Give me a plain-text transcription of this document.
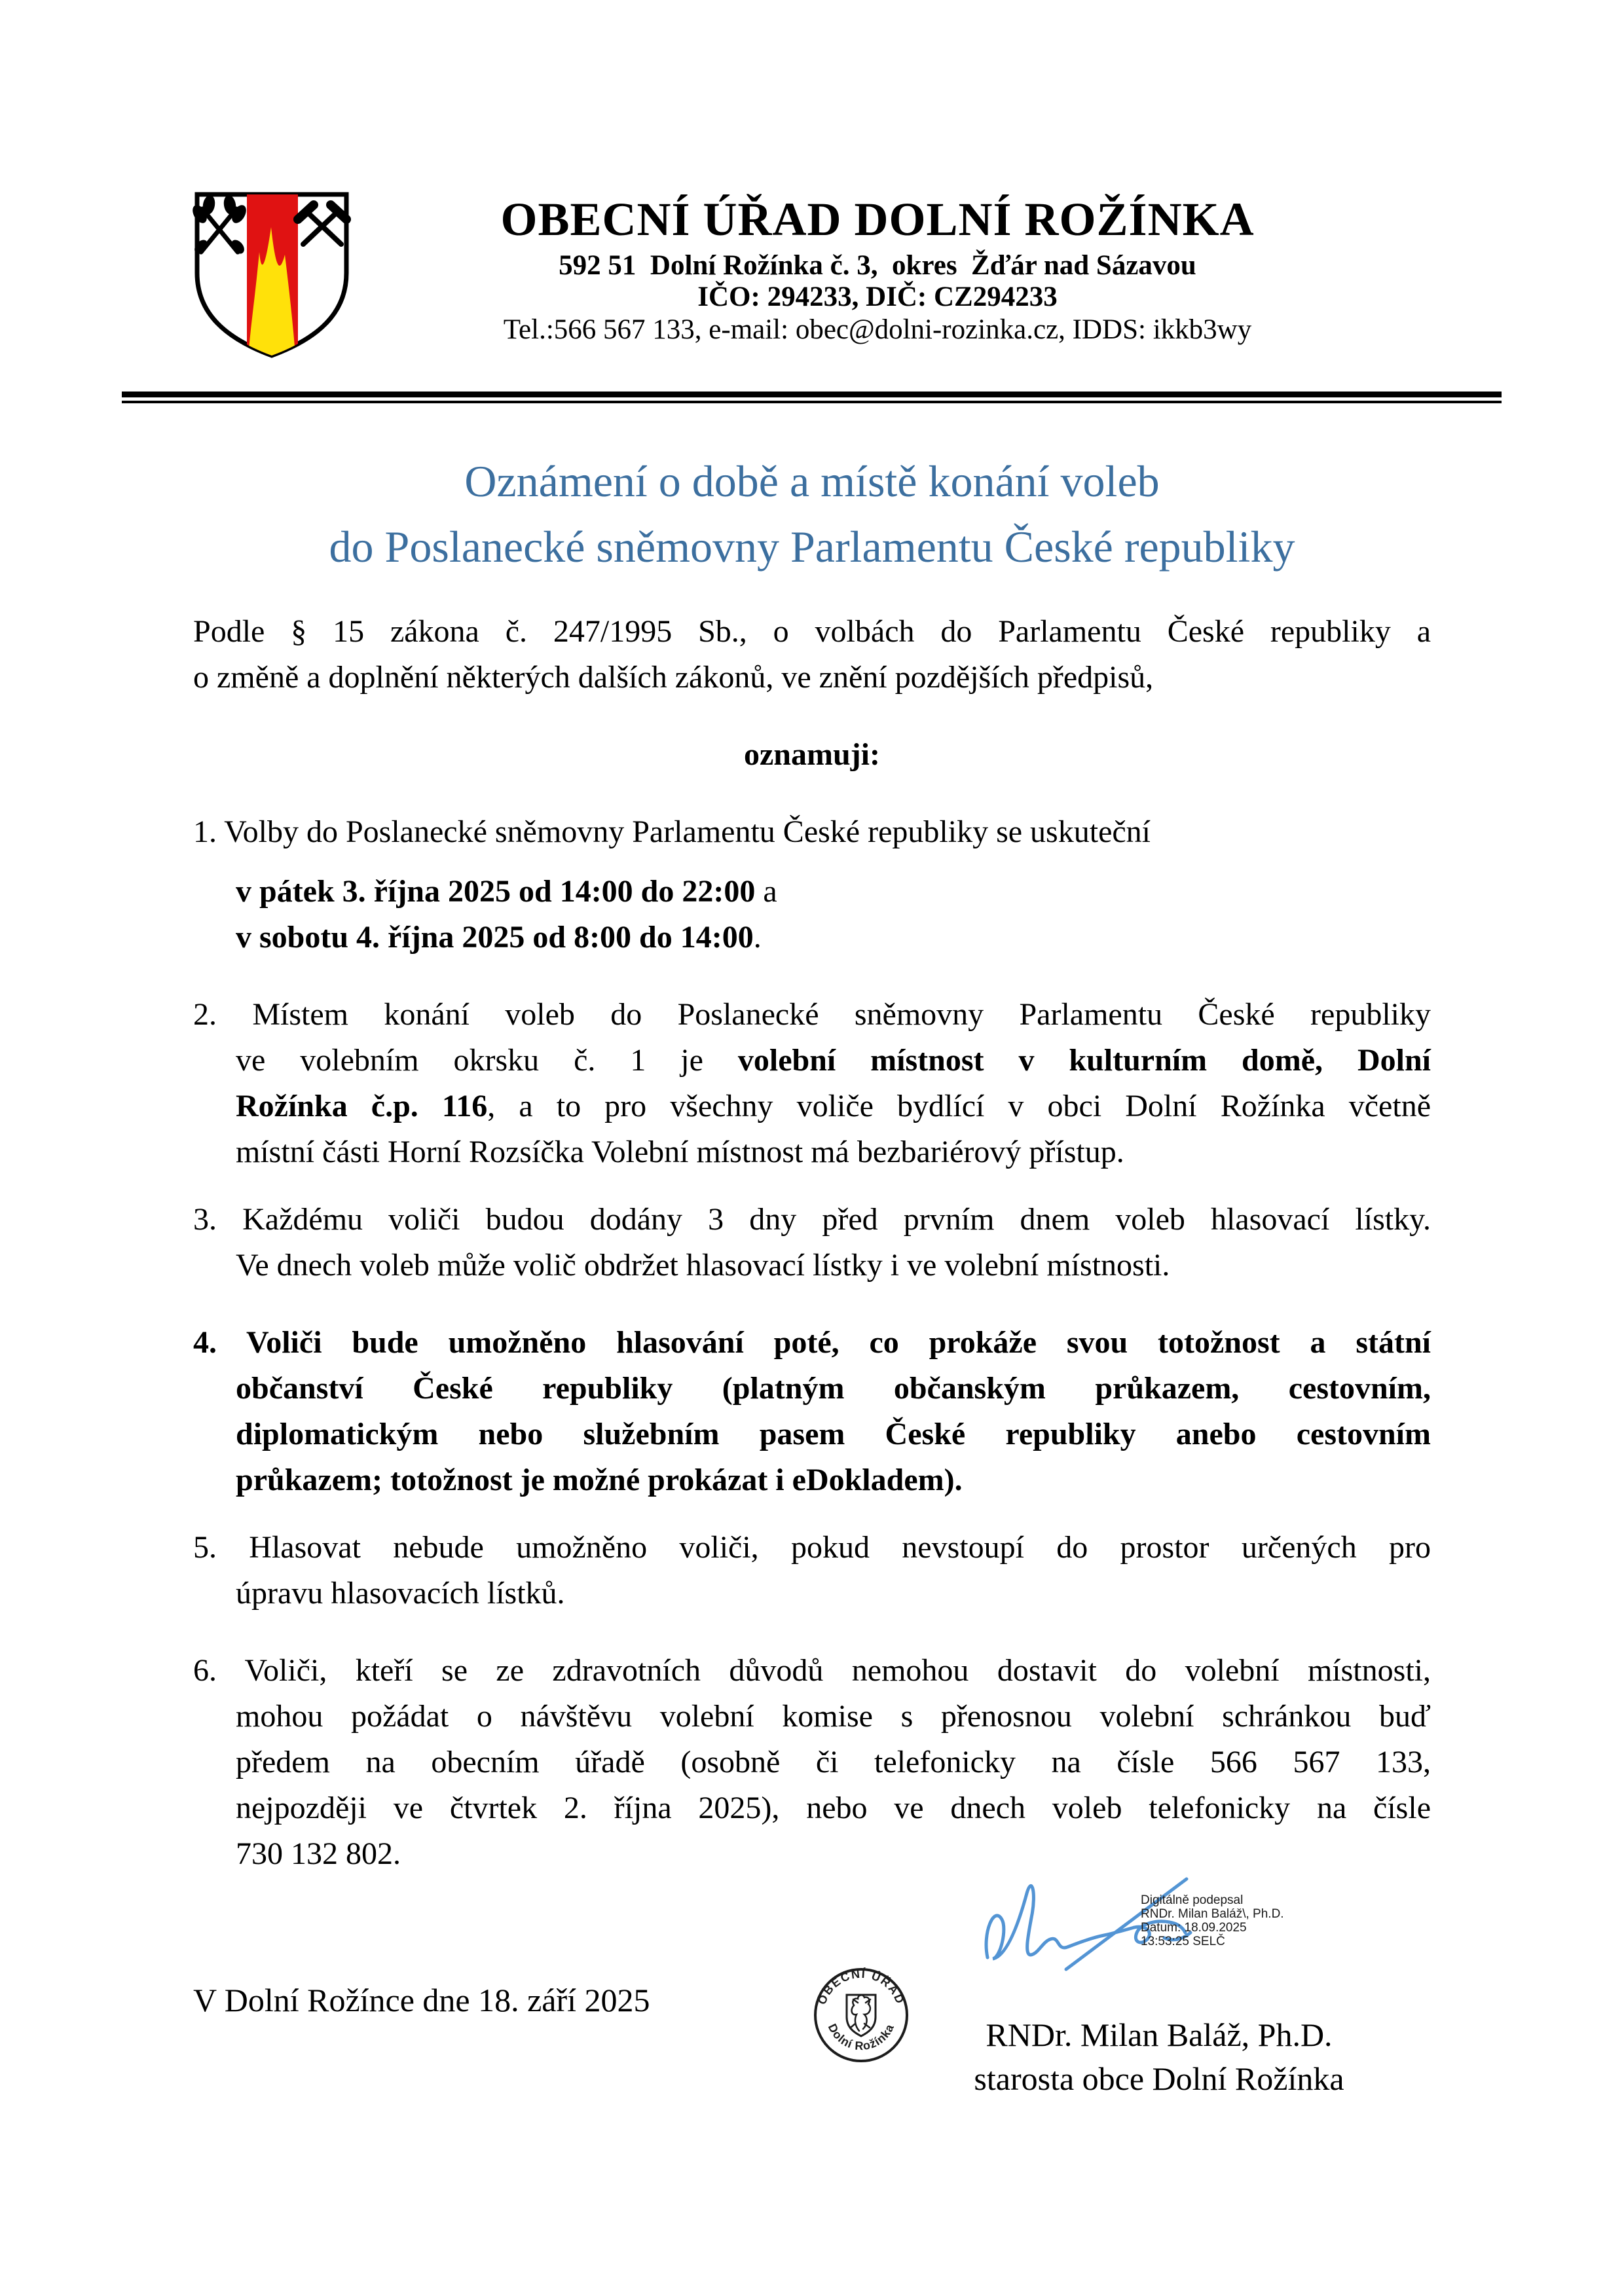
OBECNÍ ÚŘAD DOLNÍ ROŽÍNKA
592 51  Dolní Rožínka č. 3,  okres  Žďár nad Sázavou
IČO: 294233, DIČ: CZ294233
Tel.:566 567 133, e-mail: obec@dolni-rozinka.cz, IDDS: ikkb3wy
Oznámení o době a místě konání voleb
do Poslanecké sněmovny Parlamentu České republiky
Podle § 15 zákona č. 247/1995 Sb., o volbách do Parlamentu České republiky a
o změně a doplnění některých dalších zákonů, ve znění pozdějších předpisů,
oznamuji:
1. Volby do Poslanecké sněmovny Parlamentu České republiky se uskuteční
v pátek 3. října 2025 od 14:00 do 22:00 a
v sobotu 4. října 2025 od 8:00 do 14:00.
2. Místem konání voleb do Poslanecké sněmovny Parlamentu České republiky
ve volebním okrsku č. 1 je volební místnost v kulturním domě, Dolní
Rožínka č.p. 116, a to pro všechny voliče bydlící v obci Dolní Rožínka včetně
místní části Horní Rozsíčka Volební místnost má bezbariérový přístup.
3. Každému voliči budou dodány 3 dny před prvním dnem voleb hlasovací lístky.
Ve dnech voleb může volič obdržet hlasovací lístky i ve volební místnosti.
4. Voliči bude umožněno hlasování poté, co prokáže svou totožnost a státní
občanství České republiky (platným občanským průkazem, cestovním,
diplomatickým nebo služebním pasem České republiky anebo cestovním
průkazem; totožnost je možné prokázat i eDokladem).
5. Hlasovat nebude umožněno voliči, pokud nevstoupí do prostor určených pro
úpravu hlasovacích lístků.
6. Voliči, kteří se ze zdravotních důvodů nemohou dostavit do volební místnosti,
mohou požádat o návštěvu volební komise s přenosnou volební schránkou buď
předem na obecním úřadě (osobně či telefonicky na čísle 566 567 133,
nejpozději ve čtvrtek 2. října 2025), nebo ve dnech voleb telefonicky na čísle
730 132 802.
V Dolní Rožínce dne 18. září 2025
Digitálně podepsal
RNDr. Milan Baláž\, Ph.D.
Datum: 18.09.2025
13:53:25 SELČ
OBECNÍ ÚŘAD
Dolní Rožínka	RNDr. Milan Baláž, Ph.D.
starosta obce Dolní Rožínka
